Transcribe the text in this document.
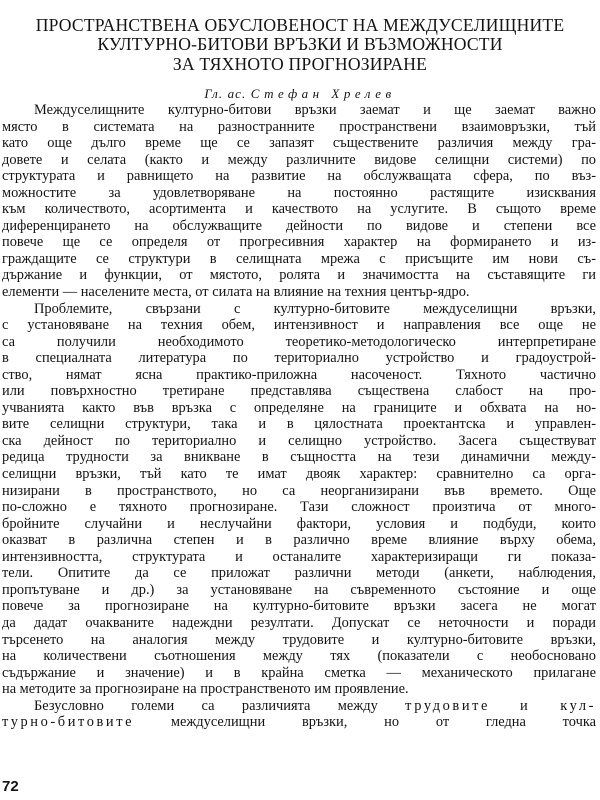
ПРОСТРАНСТВЕНА ОБУСЛОВЕНОСТ НА МЕЖДУСЕЛИЩНИТЕ
КУЛТУРНО-БИТОВИ ВРЪЗКИ И ВЪЗМОЖНОСТИ
ЗА ТЯХНОТО ПРОГНОЗИРАНЕ
Гл. ас. Стефан Хрелев
Междуселищните културно-битови връзки заемат и ще заемат важно
място в системата на разностранните пространствени взаимовръзки, тъй
като още дълго време ще се запазят съществените различия между гра-
довете и селата (както и между различните видове селищни системи) по
структурата и равнището на развитие на обслужващата сфера, по въз-
можностите за удовлетворяване на постоянно растящите изисквания
към количеството, асортимента и качеството на услугите. В същото време
диференцирането на обслужващите дейности по видове и степени все
повече ще се определя от прогресивния характер на формирането и из-
граждащите се структури в селищната мрежа с присъщите им нови съ-
държание и функции, от мястото, ролята и значимостта на съставящите ги
елементи — населените места, от силата на влияние на техния център-ядро.
Проблемите, свързани с културно-битовите междуселищни връзки,
с установяване на техния обем, интензивност и направления все още не
са получили необходимото теоретико-методологическо интерпретиране
в специалната литература по териториално устройство и градоустрой-
ство, нямат ясна практико-приложна насоченост. Тяхното частично
или повърхностно третиране представлява съществена слабост на про-
учванията както във връзка с определяне на границите и обхвата на но-
вите селищни структури, така и в цялостната проектантска и управлен-
ска дейност по териториално и селищно устройство. Засега съществуват
редица трудности за вникване в същността на тези динамични между-
селищни връзки, тъй като те имат двояк характер: сравнително са орга-
низирани в пространството, но са неорганизирани във времето. Още
по-сложно е тяхното прогнозиране. Тази сложност произтича от много-
бройните случайни и неслучайни фактори, условия и подбуди, които
оказват в различна степен и в различно време влияние върху обема,
интензивността, структурата и останалите характеризиращи ги показа-
тели. Опитите да се приложат различни методи (анкети, наблюдения,
пропътуване и др.) за установяване на съвременното състояние и още
повече за прогнозиране на културно-битовите връзки засега не могат
да дадат очакваните надеждни резултати. Допускат се неточности и поради
търсенето на аналогия между трудовите и културно-битовите връзки,
на количествени съотношения между тях (показатели с необосновано
съдържание и значение) и в крайна сметка — механическото прилагане
на методите за прогнозиране на пространственото им проявление.
Безусловно големи са различията между трудовите и кул-
турно-битовите	междуселищни връзки, но от гледна точка
72
